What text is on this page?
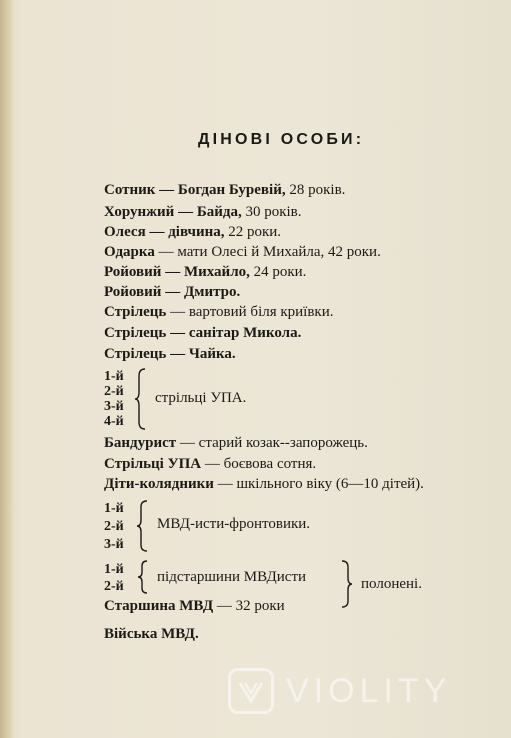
ДІНОВІ ОСОБИ:
Сотник — Богдан Буревій, 28 років.
Хорунжий — Байда, 30 років.
Олеся — дівчина, 22 роки.
Одарка — мати Олесі й Михайла, 42 роки.
Ройовий — Михайло, 24 роки.
Ройовий — Дмитро.
Стрілець — вартовий біля криївки.
Стрілець — санітар Микола.
Стрілець — Чайка.
1-й
2-й
3-й
4-й
стрільці УПА.
Бандурист — старий козак--запорожець.
Стрільці УПА — боєвова сотня.
Діти-колядники — шкільного віку (6—10 дітей).
1-й
2-й
3-й
МВД-исти-фронтовики.
1-й
2-й
підстаршини МВДисти
Старшина МВД — 32 роки
полонені.
Війська МВД.
VIOLITY
